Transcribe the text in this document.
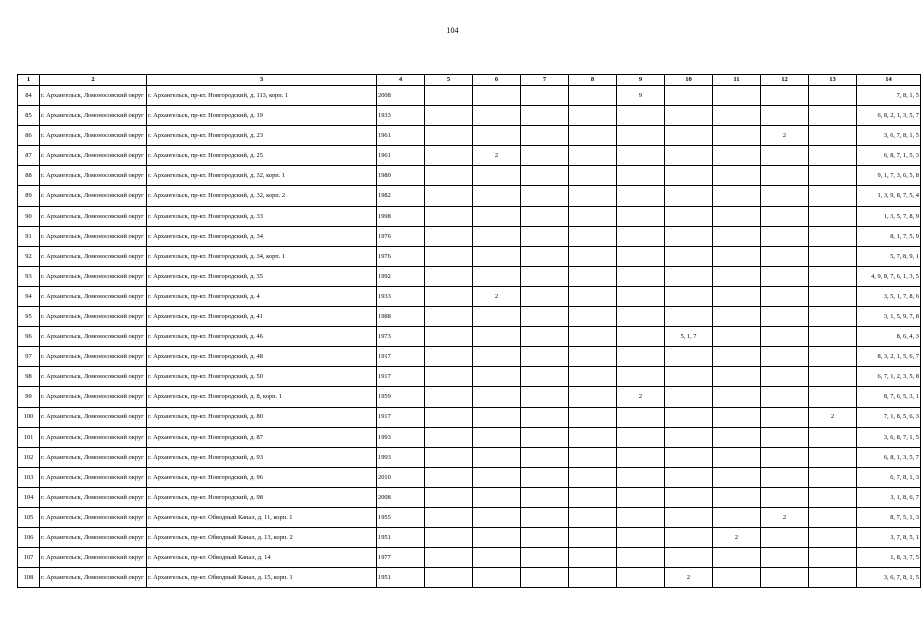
104
1	2	3	4	5	6	7	8	9	10	11	12	13	14
84	г. Архангельск, Ломоносовский округ	г. Архангельск, пр-кт. Новгородский, д. 113, корп. 1	2008					9					7, 8, 1, 5
85	г. Архангельск, Ломоносовский округ	г. Архангельск, пр-кт. Новгородский, д. 19	1933										6, 8, 2, 1, 3, 5, 7
86	г. Архангельск, Ломоносовский округ	г. Архангельск, пр-кт. Новгородский, д. 23	1961								2		3, 6, 7, 8, 1, 5
87	г. Архангельск, Ломоносовский округ	г. Архангельск, пр-кт. Новгородский, д. 25	1961		2								6, 8, 7, 1, 5, 3
88	г. Архангельск, Ломоносовский округ	г. Архангельск, пр-кт. Новгородский, д. 32, корп. 1	1980										9, 1, 7, 3, 6, 5, 8
89	г. Архангельск, Ломоносовский округ	г. Архангельск, пр-кт. Новгородский, д. 32, корп. 2	1982										1, 3, 9, 8, 7, 5, 4
90	г. Архангельск, Ломоносовский округ	г. Архангельск, пр-кт. Новгородский, д. 33	1998										1, 3, 5, 7, 8, 9
91	г. Архангельск, Ломоносовский округ	г. Архангельск, пр-кт. Новгородский, д. 34	1976										8, 1, 7, 5, 9
92	г. Архангельск, Ломоносовский округ	г. Архангельск, пр-кт. Новгородский, д. 34, корп. 1	1976										5, 7, 8, 9, 1
93	г. Архангельск, Ломоносовский округ	г. Архангельск, пр-кт. Новгородский, д. 35	1992										4, 9, 8, 7, 6, 1, 3, 5
94	г. Архангельск, Ломоносовский округ	г. Архангельск, пр-кт. Новгородский, д. 4	1933		2								3, 5, 1, 7, 8, 6
95	г. Архангельск, Ломоносовский округ	г. Архангельск, пр-кт. Новгородский, д. 41	1988										3, 1, 5, 9, 7, 8
96	г. Архангельск, Ломоносовский округ	г. Архангельск, пр-кт. Новгородский, д. 46	1973						5, 1, 7				8, 6, 4, 3
97	г. Архангельск, Ломоносовский округ	г. Архангельск, пр-кт. Новгородский, д. 48	1917										8, 3, 2, 1, 5, 6, 7
98	г. Архангельск, Ломоносовский округ	г. Архангельск, пр-кт. Новгородский, д. 50	1917										6, 7, 1, 2, 3, 5, 8
99	г. Архангельск, Ломоносовский округ	г. Архангельск, пр-кт. Новгородский, д. 8, корп. 1	1959					2					8, 7, 6, 5, 3, 1
100	г. Архангельск, Ломоносовский округ	г. Архангельск, пр-кт. Новгородский, д. 80	1917									2	7, 1, 8, 5, 6, 3
101	г. Архангельск, Ломоносовский округ	г. Архангельск, пр-кт. Новгородский, д. 87	1993										3, 6, 8, 7, 1, 5
102	г. Архангельск, Ломоносовский округ	г. Архангельск, пр-кт. Новгородский, д. 93	1993										6, 8, 1, 3, 5, 7
103	г. Архангельск, Ломоносовский округ	г. Архангельск, пр-кт. Новгородский, д. 96	2010										6, 7, 8, 1, 3
104	г. Архангельск, Ломоносовский округ	г. Архангельск, пр-кт. Новгородский, д. 98	2008										3, 1, 8, 6, 7
105	г. Архангельск, Ломоносовский округ	г. Архангельск, пр-кт. Обводный Канал, д. 11, корп. 1	1955								2		8, 7, 5, 1, 3
106	г. Архангельск, Ломоносовский округ	г. Архангельск, пр-кт. Обводный Канал, д. 13, корп. 2	1951							2			3, 7, 8, 5, 1
107	г. Архангельск, Ломоносовский округ	г. Архангельск, пр-кт. Обводный Канал, д. 14	1977										1, 8, 3, 7, 5
108	г. Архангельск, Ломоносовский округ	г. Архангельск, пр-кт. Обводный Канал, д. 15, корп. 1	1951						2				3, 6, 7, 8, 1, 5
